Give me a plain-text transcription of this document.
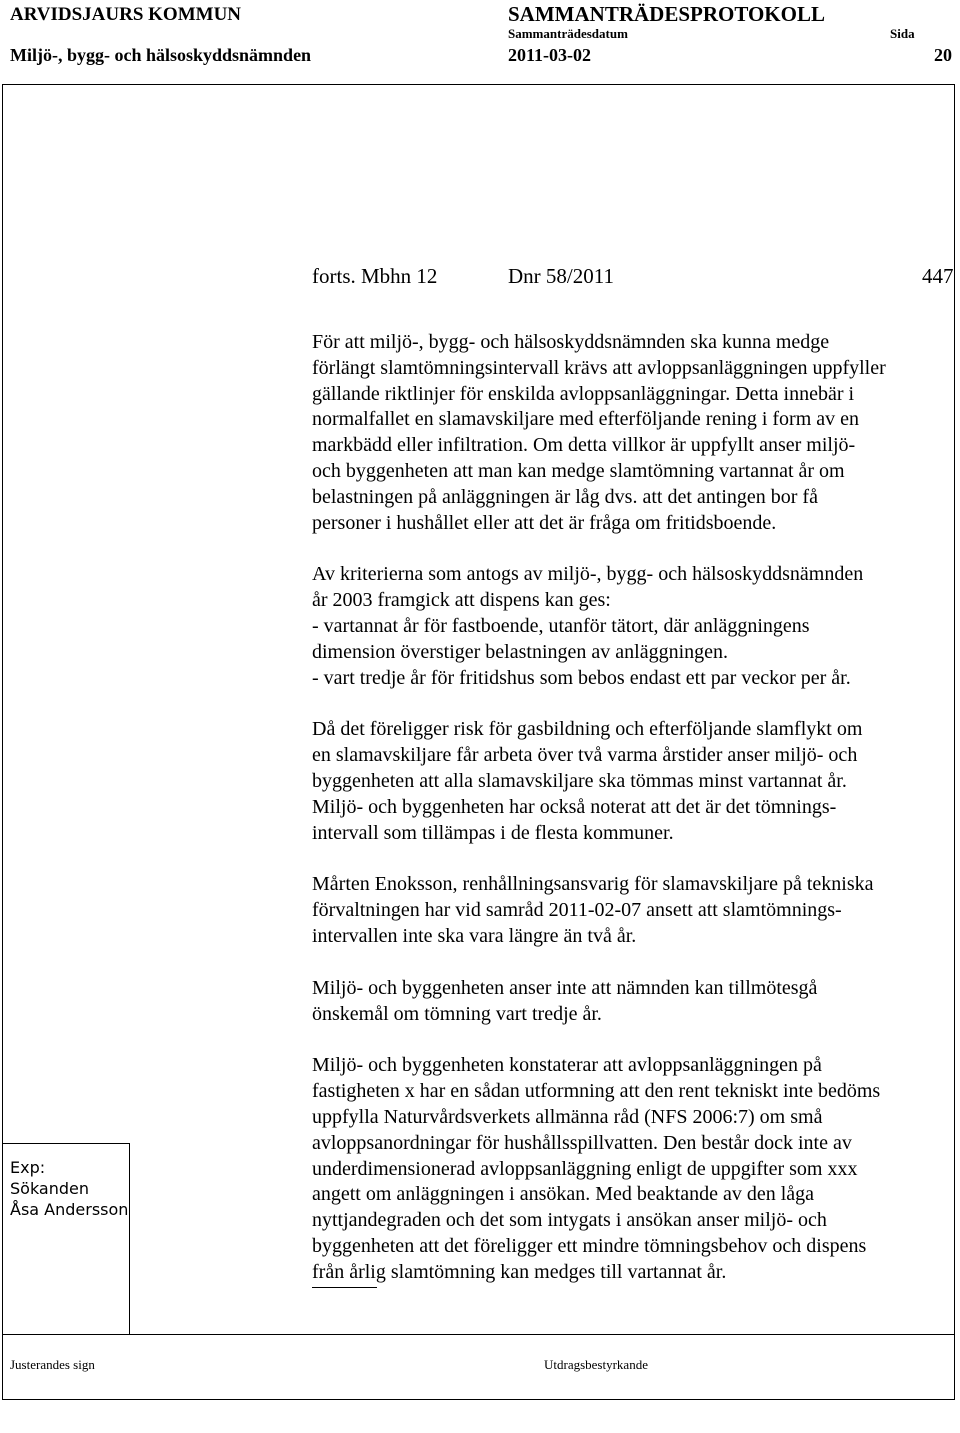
ARVIDSJAURS KOMMUN	SAMMANTRÄDESPROTOKOLL
Sammanträdesdatum	Sida
Miljö-, bygg- och hälsoskyddsnämnden	2011-03-02	20
forts. Mbhn 12	Dnr 58/2011	447
För att miljö-, bygg- och hälsoskyddsnämnden ska kunna medge
förlängt slamtömningsintervall krävs att avloppsanläggningen uppfyller
gällande riktlinjer för enskilda avloppsanläggningar. Detta innebär i
normalfallet en slamavskiljare med efterföljande rening i form av en
markbädd eller infiltration. Om detta villkor är uppfyllt anser miljö-
och byggenheten att man kan medge slamtömning vartannat år om
belastningen på anläggningen är låg dvs. att det antingen bor få
personer i hushållet eller att det är fråga om fritidsboende.
Av kriterierna som antogs av miljö-, bygg- och hälsoskyddsnämnden
år 2003 framgick att dispens kan ges:
- vartannat år för fastboende, utanför tätort, där anläggningens
dimension överstiger belastningen av anläggningen.
- vart tredje år för fritidshus som bebos endast ett par veckor per år.
Då det föreligger risk för gasbildning och efterföljande slamflykt om
en slamavskiljare får arbeta över två varma årstider anser miljö- och
byggenheten att alla slamavskiljare ska tömmas minst vartannat år.
Miljö- och byggenheten har också noterat att det är det tömnings-
intervall som tillämpas i de flesta kommuner.
Mårten Enoksson, renhållningsansvarig för slamavskiljare på tekniska
förvaltningen har vid samråd 2011-02-07 ansett att slamtömnings-
intervallen inte ska vara längre än två år.
Miljö- och byggenheten anser inte att nämnden kan tillmötesgå
önskemål om tömning vart tredje år.
Miljö- och byggenheten konstaterar att avloppsanläggningen på
fastigheten x har en sådan utformning att den rent tekniskt inte bedöms
uppfylla Naturvårdsverkets allmänna råd (NFS 2006:7) om små
avloppsanordningar för hushållsspillvatten. Den består dock inte av
underdimensionerad avloppsanläggning enligt de uppgifter som xxx
angett om anläggningen i ansökan. Med beaktande av den låga
nyttjandegraden och det som intygats i ansökan anser miljö- och
byggenheten att det föreligger ett mindre tömningsbehov och dispens
från årlig slamtömning kan medges till vartannat år.
Exp:
Sökanden
Åsa Andersson
Justerandes sign	Utdragsbestyrkande
